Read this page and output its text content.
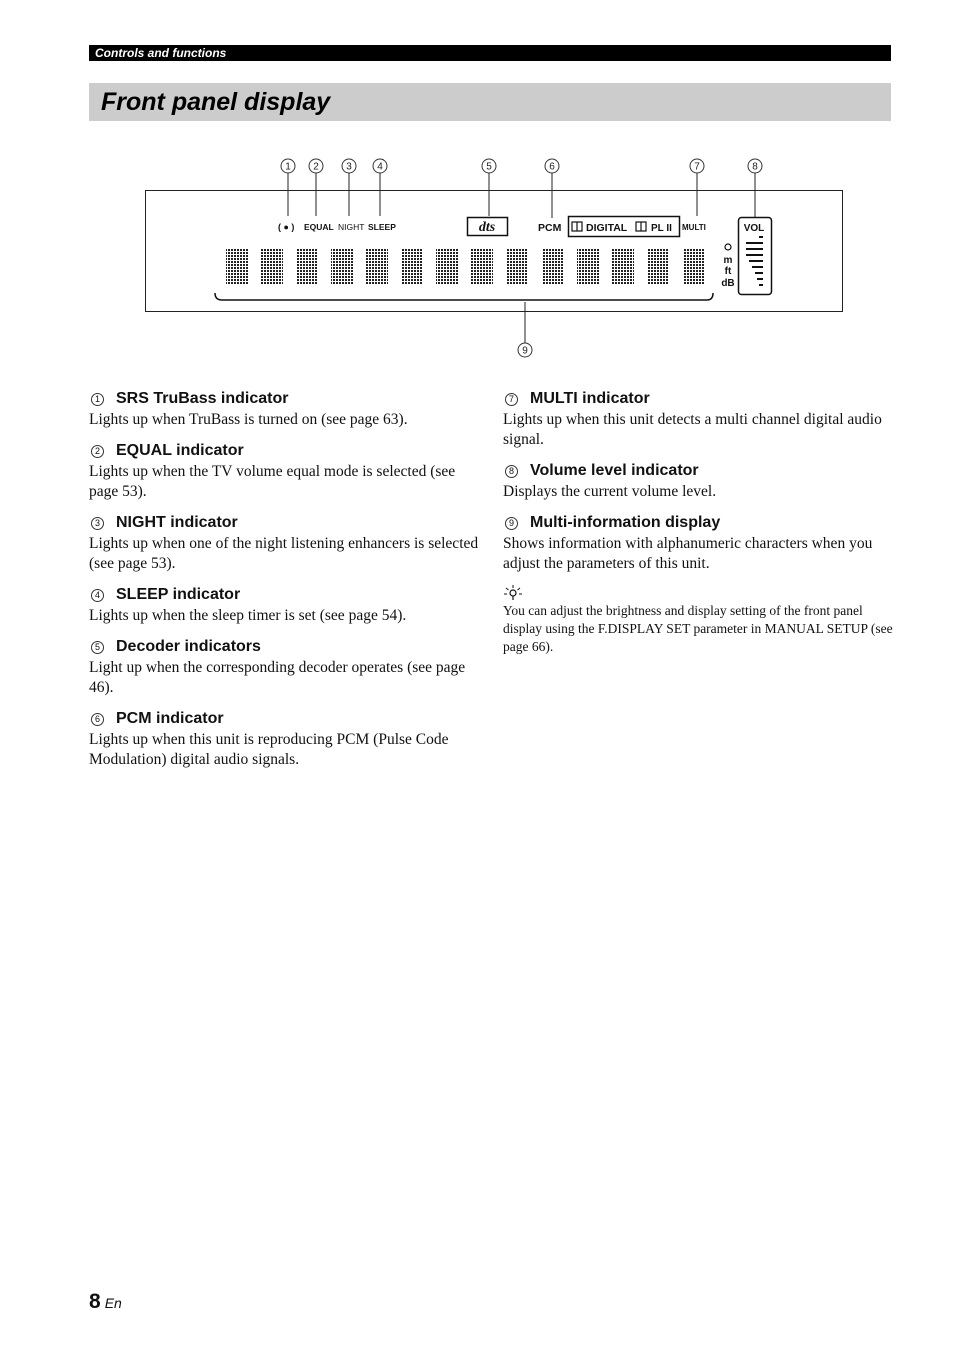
Controls and functions
Front panel display
1 2	3	4	5	6	7	8
9
( ● ) EQUAL NIGHT SLEEP	dts	PCM DIGITAL PL II MULTI
m
ft
dB
VOL
1 SRS TruBass indicator
Lights up when TruBass is turned on (see page 63).
2 EQUAL indicator
Lights up when the TV volume equal mode is selected (see page 53).
3 NIGHT indicator
Lights up when one of the night listening enhancers is selected (see page 53).
4 SLEEP indicator
Lights up when the sleep timer is set (see page 54).
5 Decoder indicators
Light up when the corresponding decoder operates (see page 46).
6 PCM indicator
Lights up when this unit is reproducing PCM (Pulse Code Modulation) digital audio signals.
7 MULTI indicator
Lights up when this unit detects a multi channel digital audio signal.
8 Volume level indicator
Displays the current volume level.
9 Multi-information display
Shows information with alphanumeric characters when you adjust the parameters of this unit.
You can adjust the brightness and display setting of the front panel display using the F.DISPLAY SET parameter in MANUAL SETUP (see page 66).
8 En
